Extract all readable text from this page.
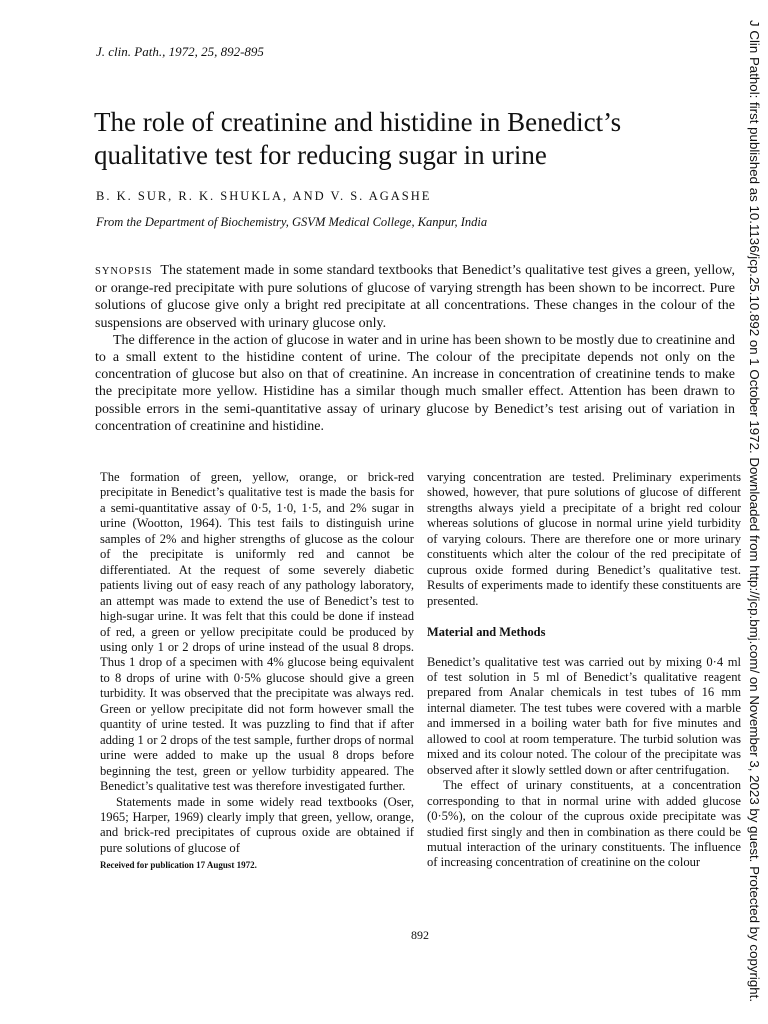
J. clin. Path., 1972, 25, 892-895
The role of creatinine and histidine in Benedict’s qualitative test for reducing sugar in urine
B. K. SUR, R. K. SHUKLA, AND V. S. AGASHE
From the Department of Biochemistry, GSVM Medical College, Kanpur, India

SYNOPSIS The statement made in some standard textbooks that Benedict’s qualitative test gives a green, yellow, or orange-red precipitate with pure solutions of glucose of varying strength has been shown to be incorrect. Pure solutions of glucose give only a bright red precipitate at all concentrations. These changes in the colour of the suspensions are observed with urinary glucose only.

The difference in the action of glucose in water and in urine has been shown to be mostly due to creatinine and to a small extent to the histidine content of urine. The colour of the precipitate depends not only on the concentration of glucose but also on that of creatinine. An increase in concentration of creatinine tends to make the precipitate more yellow. Histidine has a similar though much smaller effect. Attention has been drawn to possible errors in the semi-quantitative assay of urinary glucose by Benedict’s test arising out of variation in concentration of creatinine and histidine.

The formation of green, yellow, orange, or brick-red precipitate in Benedict’s qualitative test is made the basis for a semi-quantitative assay of 0·5, 1·0, 1·5, and 2% sugar in urine (Wootton, 1964). This test fails to distinguish urine samples of 2% and higher strengths of glucose as the colour of the precipitate is uniformly red and cannot be differentiated. At the request of some severely diabetic patients living out of easy reach of any pathology laboratory, an attempt was made to extend the use of Benedict’s test to high-sugar urine. It was felt that this could be done if instead of red, a green or yellow precipitate could be produced by using only 1 or 2 drops of urine instead of the usual 8 drops. Thus 1 drop of a specimen with 4% glucose being equivalent to 8 drops of urine with 0·5% glucose should give a green turbidity. It was observed that the precipitate was always red. Green or yellow precipitate did not form however small the quantity of urine tested. It was puzzling to find that if after adding 1 or 2 drops of the test sample, further drops of normal urine were added to make up the usual 8 drops before beginning the test, green or yellow turbidity appeared. The Benedict’s qualitative test was therefore investigated further.

Statements made in some widely read textbooks (Oser, 1965; Harper, 1969) clearly imply that green, yellow, orange, and brick-red precipitates of cuprous oxide are obtained if pure solutions of glucose of

Received for publication 17 August 1972.

varying concentration are tested. Preliminary experiments showed, however, that pure solutions of glucose of different strengths always yield a precipitate of a bright red colour whereas solutions of glucose in normal urine yield turbidity of varying colours. There are therefore one or more urinary constituents which alter the colour of the red precipitate of cuprous oxide formed during Benedict’s qualitative test. Results of experiments made to identify these constituents are presented.

Material and Methods

Benedict’s qualitative test was carried out by mixing 0·4 ml of test solution in 5 ml of Benedict’s qualitative reagent prepared from Analar chemicals in test tubes of 16 mm internal diameter. The test tubes were covered with a marble and immersed in a boiling water bath for five minutes and allowed to cool at room temperature. The turbid solution was mixed and its colour noted. The colour of the precipitate was observed after it slowly settled down or after centrifugation.

The effect of urinary constituents, at a concentration corresponding to that in normal urine with added glucose (0·5%), on the colour of the cuprous oxide precipitate was studied first singly and then in combination as there could be mutual interaction of the urinary constituents. The influence of increasing concentration of creatinine on the colour

892	J Clin Pathol: first published as 10.1136/jcp.25.10.892 on 1 October 1972. Downloaded from http://jcp.bmj.com/ on November 3, 2023 by guest. Protected by copyright.
